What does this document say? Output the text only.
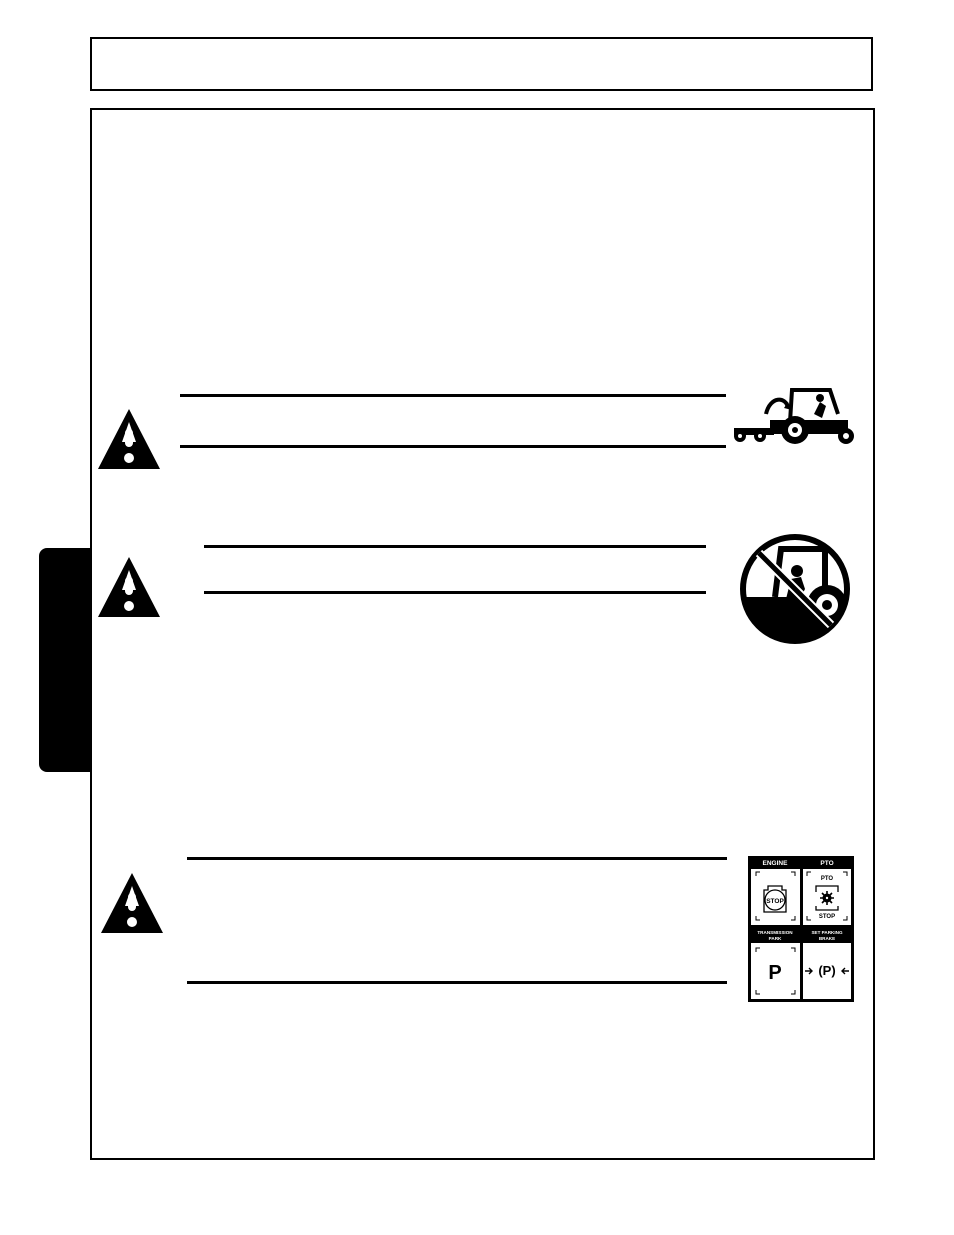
ENGINE
STOP
PTO
PTO
STOP
TRANSMISSION
PARK
P
SET PARKING
BRAKE
(P)
